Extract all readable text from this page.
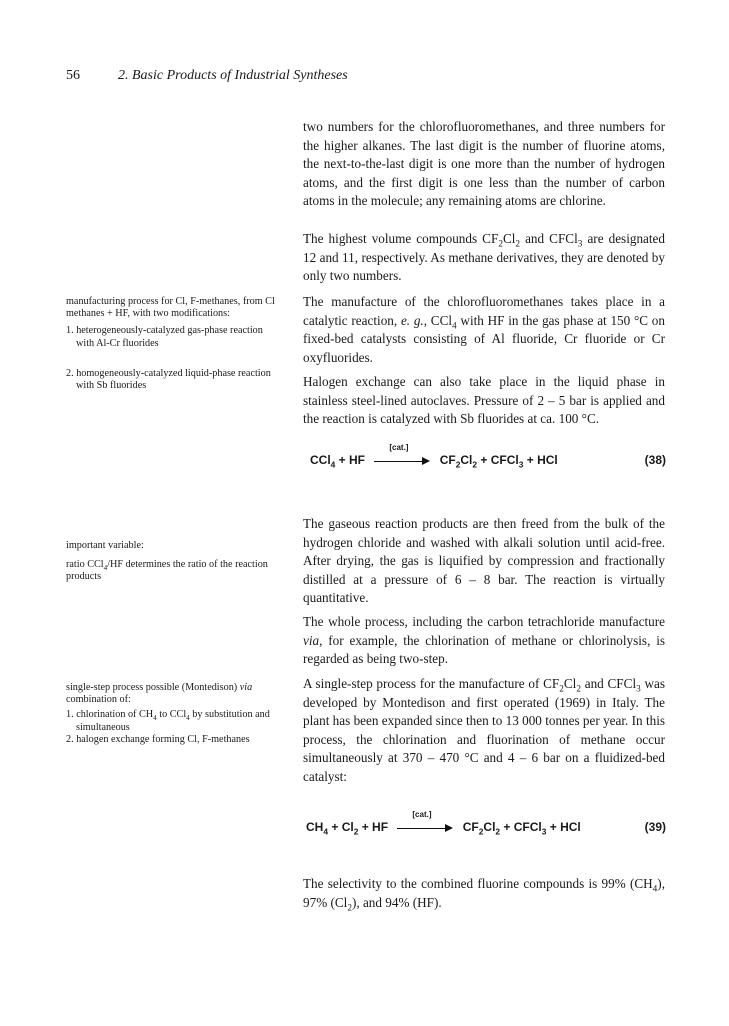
56	2. Basic Products of Industrial Syntheses

two numbers for the chlorofluoromethanes, and three numbers for the higher alkanes. The last digit is the number of fluorine atoms, the next-to-the-last digit is one more than the number of hydrogen atoms, and the first digit is one less than the number of carbon atoms in the molecule; any remaining atoms are chlorine.

The highest volume compounds $CF_2Cl_2$ and CFCl$_3$ are designated 12 and 11, respectively. As methane derivatives, they are denoted by only two numbers.

The manufacture of the chlorofluoromethanes takes place in a catalytic reaction, e. g., CCl$_4$ with HF in the gas phase at 150 °C on fixed-bed catalysts consisting of Al fluoride, Cr fluoride or Cr oxyfluorides.

Halogen exchange can also take place in the liquid phase in stainless steel-lined autoclaves. Pressure of 2 – 5 bar is applied and the reaction is catalyzed with Sb fluorides at ca. 100 °C.

CCl$_4$ + HF
[cat.]
$CF_2Cl_2$ + CFCl$_3$ + HCl	(38)

The gaseous reaction products are then freed from the bulk of the hydrogen chloride and washed with alkali solution until acid-free. After drying, the gas is liquified by compression and fractionally distilled at a pressure of 6 – 8 bar. The reaction is virtually quantitative.

The whole process, including the carbon tetrachloride manufacture via, for example, the chlorination of methane or chlorinolysis, is regarded as being two-step.

A single-step process for the manufacture of $CF_2Cl_2$ and CFCl$_3$ was developed by Montedison and first operated (1969) in Italy. The plant has been expanded since then to 13 000 tonnes per year. In this process, the chlorination and fluorination of methane occur simultaneously at 370 – 470 °C and 4 – 6 bar on a fluidized-bed catalyst:

$CH_4 + Cl_2$ + HF
[cat.]
$CF_2Cl_2$ + CFCl$_3$ + HCl	(39)

The selectivity to the combined fluorine compounds is 99% $(CH_4)$, 97% $(Cl_2)$, and 94% (HF).

manufacturing process for Cl, F-methanes, from Cl methanes + HF, with two modifications:

1. heterogeneously-catalyzed gas-phase reaction with Al-Cr fluorides

2. homogeneously-catalyzed liquid-phase reaction with Sb fluorides

important variable:

ratio CCl$_4$/HF determines the ratio of the reaction products

single-step process possible (Montedison) via combination of:

1. chlorination of $CH_4$ to CCl$_4$ by substitution and simultaneous

2. halogen exchange forming Cl, F-methanes
